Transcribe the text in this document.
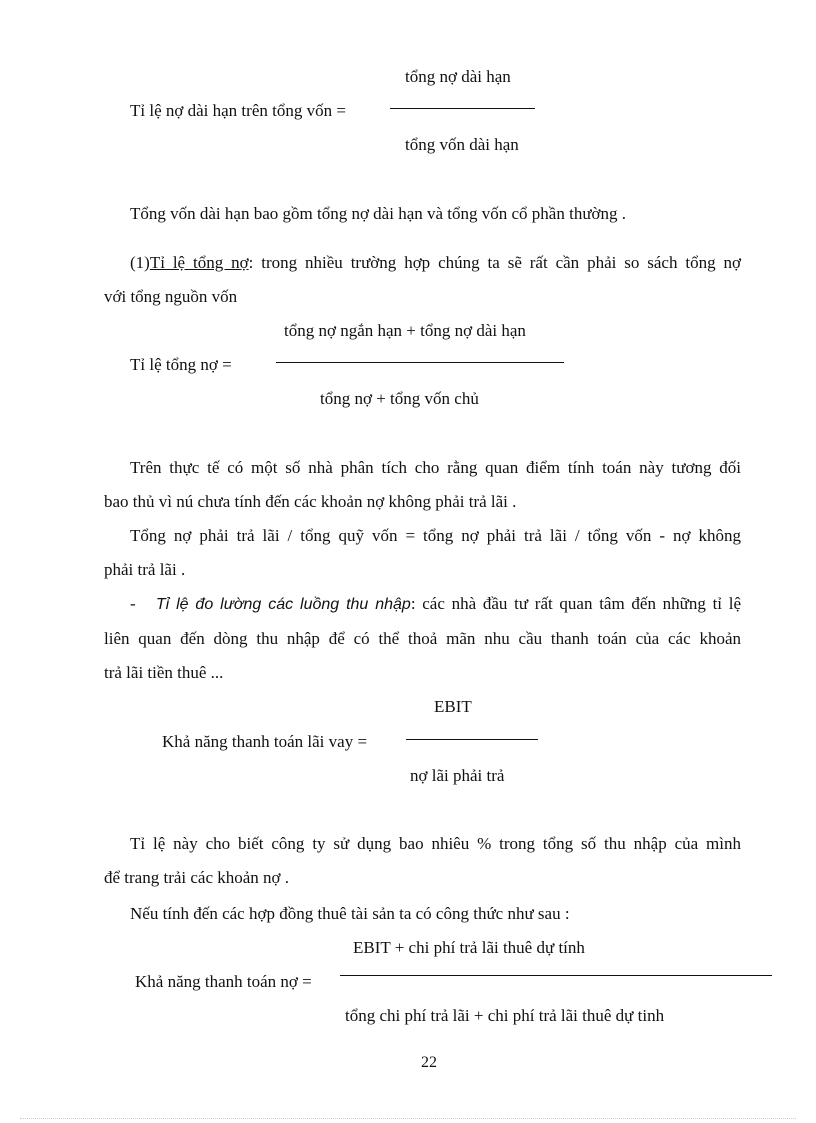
tổng nợ dài hạn
Tỉ lệ nợ dài hạn trên tổng vốn =
tổng vốn dài hạn
Tổng vốn dài hạn bao gồm tổng nợ dài hạn và tổng vốn cổ phần thường .
(1)Tỉ lệ tổng nợ: trong nhiều trường hợp chúng ta sẽ rất cần phải so sách tổng nợ
với tổng nguồn vốn
tổng nợ ngắn hạn + tổng nợ dài hạn
Tỉ lệ tổng nợ =
tổng nợ + tổng vốn chủ
Trên thực tế có một số nhà phân tích cho rằng quan điểm tính toán này tương đối
bao thủ vì nú chưa tính đến các khoản nợ không phải trả lãi .
Tổng nợ phải trả lãi / tổng quỹ vốn = tổng nợ phải trả lãi / tổng vốn - nợ không
phải trả lãi .
- Tỉ lệ đo lường các luồng thu nhập: các nhà đầu tư rất quan tâm đến những tỉ lệ
liên quan đến dòng thu nhập để có thể thoả mãn nhu cầu thanh toán của các khoản
trả lãi tiền thuê ...
EBIT
Khả năng thanh toán lãi vay =
nợ lãi phải trả
Tỉ lệ này cho biết công ty sử dụng bao nhiêu % trong tổng số thu nhập của mình
để trang trải các khoản nợ .
Nếu tính đến các hợp đồng thuê tài sản ta có công thức như sau :
EBIT + chi phí trả lãi thuê dự tính
Khả năng thanh toán nợ =
tổng chi phí trả lãi + chi phí trả lãi thuê dự tinh
22
